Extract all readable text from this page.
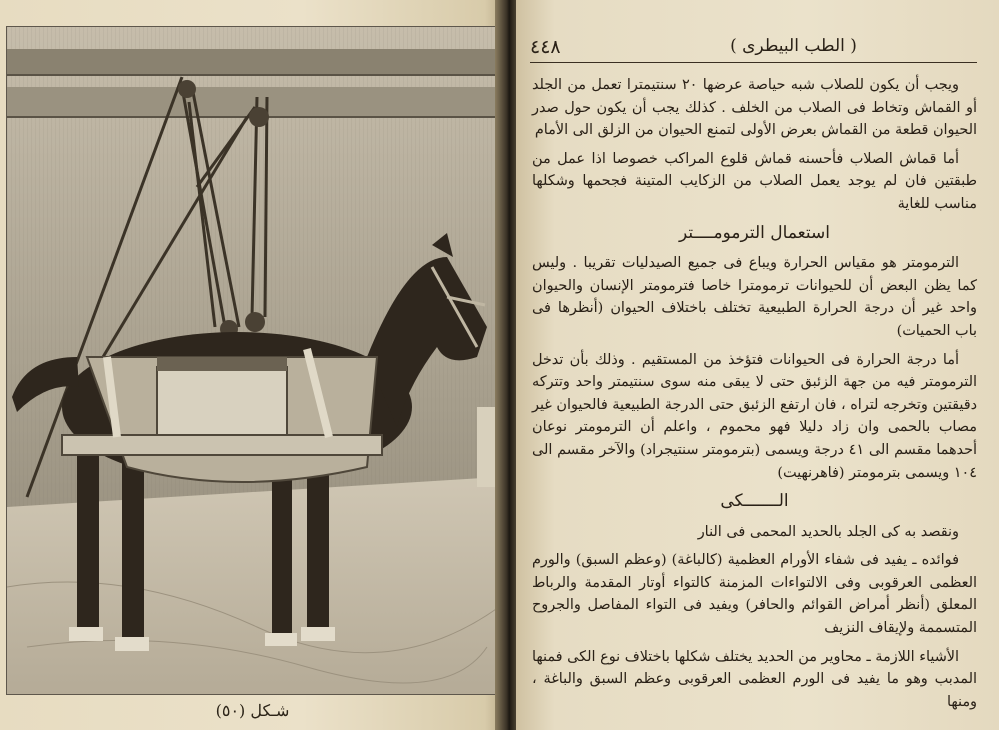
شـكل (٥٠)
( الطب البيطرى )
٤٤٨

ويجب أن يكون للصلاب شبه حياصة عرضها ٢٠ سنتيمترا تعمل من الجلد أو القماش وتخاط فى الصلاب من الخلف . كذلك يجب أن يكون حول صدر الحيوان قطعة من القماش بعرض الأولى لتمنع الحيوان من الزلق الى الأمام

أما قماش الصلاب فأحسنه قماش قلوع المراكب خصوصا اذا عمل من طبقتين فان لم يوجد يعمل الصلاب من الزكايب المتينة فجحمها وشكلها مناسب للغاية

استعمال الترمومــــتر

الترمومتر هو مقياس الحرارة ويباع فى جميع الصيدليات تقريبا . وليس كما يظن البعض أن للحيوانات ترمومترا خاصا فترمومتر الإنسان والحيوان واحد غير أن درجة الحرارة الطبيعية تختلف باختلاف الحيوان (أنظرها فى باب الحميات)

أما درجة الحرارة فى الحيوانات فتؤخذ من المستقيم . وذلك بأن تدخل الترمومتر فيه من جهة الزئبق حتى لا يبقى منه سوى سنتيمتر واحد وتتركه دقيقتين وتخرجه لتراه ، فان ارتفع الزئبق حتى الدرجة الطبيعية فالحيوان غير مصاب بالحمى وان زاد دليلا فهو محموم ، واعلم أن الترمومتر نوعان أحدهما مقسم الى ٤١ درجة ويسمى (بترمومتر سنتيجراد) والآخر مقسم الى ١٠٤ ويسمى بترمومتر (فاهرنهيت)

الـــــــكى

ونقصد به كى الجلد بالحديد المحمى فى النار

فوائده ـ يفيد فى شفاء الأورام العظمية (كالباغة) (وعظم السبق) والورم العظمى العرقوبى وفى الالتواءات المزمنة كالتواء أوتار المقدمة والرباط المعلق (أنظر أمراض القوائم والحافر) ويفيد فى التواء المفاصل والجروح المتسممة ولإيقاف النزيف

الأشياء اللازمة ـ محاوير من الحديد يختلف شكلها باختلاف نوع الكى فمنها المدبب وهو ما يفيد فى الورم العظمى العرقوبى وعظم السبق والباغة ، ومنها
